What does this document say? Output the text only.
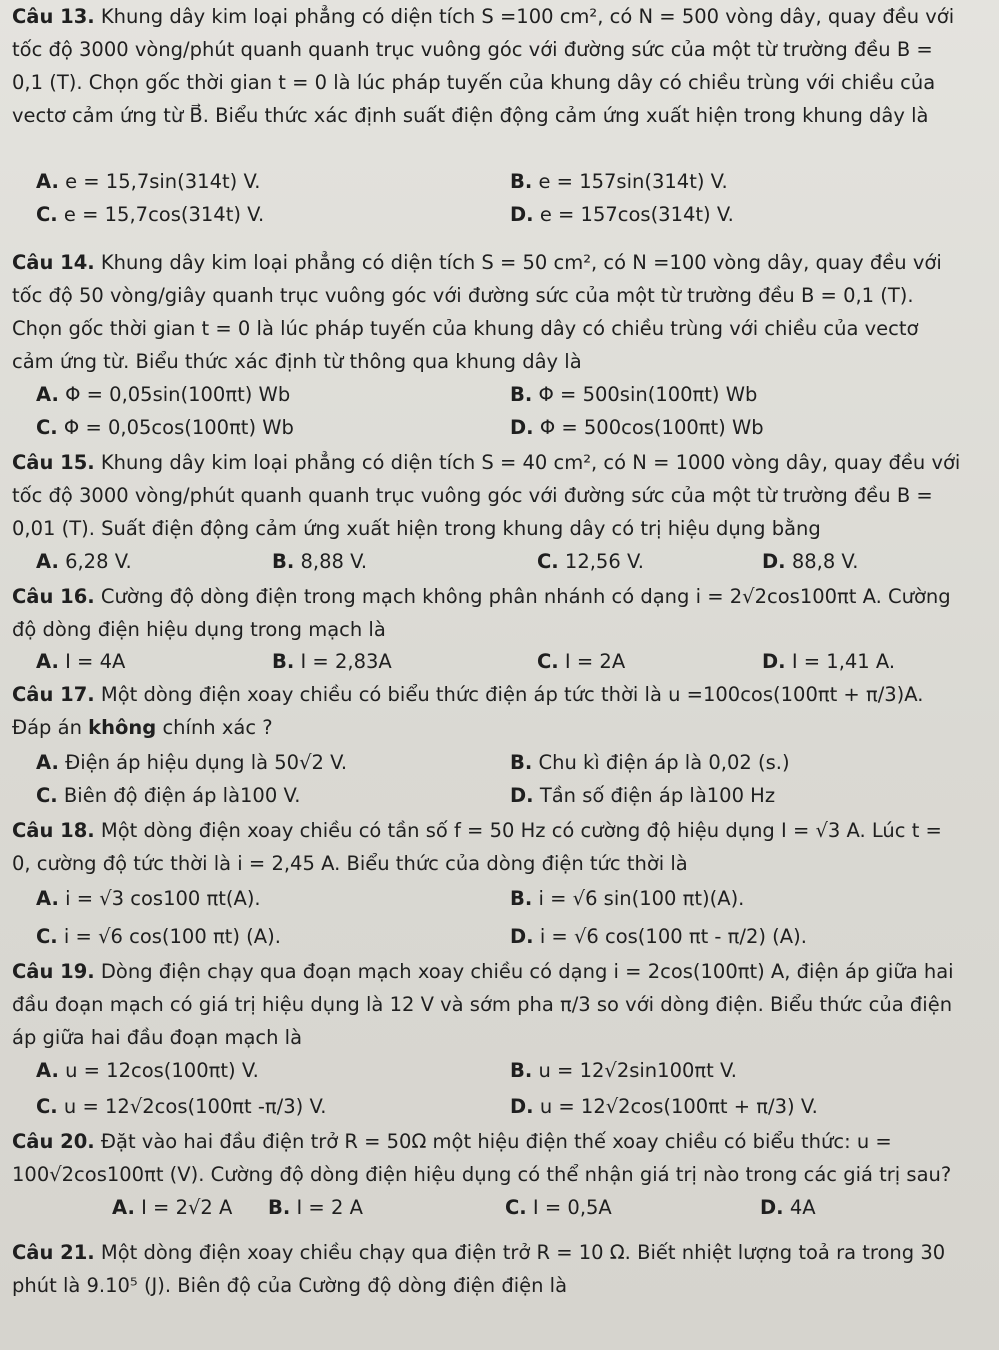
Câu 13. Khung dây kim loại phẳng có diện tích S =100 cm², có N = 500 vòng dây, quay đều với tốc độ 3000 vòng/phút quanh quanh trục vuông góc với đường sức của một từ trường đều B = 0,1 (T). Chọn gốc thời gian t = 0 là lúc pháp tuyến của khung dây có chiều trùng với chiều của vectơ cảm ứng từ B⃗. Biểu thức xác định suất điện động cảm ứng xuất hiện trong khung dây là

A. e = 15,7sin(314t) V.	B. e = 157sin(314t) V.
C. e = 15,7cos(314t) V.	D. e = 157cos(314t) V.

Câu 14. Khung dây kim loại phẳng có diện tích S = 50 cm², có N =100 vòng dây, quay đều với tốc độ 50 vòng/giây quanh trục vuông góc với đường sức của một từ trường đều B = 0,1 (T). Chọn gốc thời gian t = 0 là lúc pháp tuyến của khung dây có chiều trùng với chiều của vectơ cảm ứng từ. Biểu thức xác định từ thông qua khung dây là

A. Φ = 0,05sin(100πt) Wb	B. Φ = 500sin(100πt) Wb
C. Φ = 0,05cos(100πt) Wb	D. Φ = 500cos(100πt) Wb

Câu 15. Khung dây kim loại phẳng có diện tích S = 40 cm², có N = 1000 vòng dây, quay đều với tốc độ 3000 vòng/phút quanh quanh trục vuông góc với đường sức của một từ trường đều B = 0,01 (T). Suất điện động cảm ứng xuất hiện trong khung dây có trị hiệu dụng bằng

A. 6,28 V.	B. 8,88 V.	C. 12,56 V.	D. 88,8 V.

Câu 16. Cường độ dòng điện trong mạch không phân nhánh có dạng i = 2√2cos100πt A. Cường độ dòng điện hiệu dụng trong mạch là

A. I = 4A	B. I = 2,83A	C. I = 2A	D. I = 1,41 A.

Câu 17. Một dòng điện xoay chiều có biểu thức điện áp tức thời là u =100cos(100πt + π/3)A. Đáp án không chính xác ?

A. Điện áp hiệu dụng là 50√2 V.	B. Chu kì điện áp là 0,02 (s.)
C. Biên độ điện áp là100 V.	D. Tần số điện áp là100 Hz

Câu 18. Một dòng điện xoay chiều có tần số f = 50 Hz có cường độ hiệu dụng I = √3 A. Lúc t = 0, cường độ tức thời là i = 2,45 A. Biểu thức của dòng điện tức thời là

A. i = √3 cos100 πt(A).	B. i = √6 sin(100 πt)(A).
C. i = √6 cos(100 πt) (A).	D. i = √6 cos(100 πt - π/2) (A).

Câu 19. Dòng điện chạy qua đoạn mạch xoay chiều có dạng i = 2cos(100πt) A, điện áp giữa hai đầu đoạn mạch có giá trị hiệu dụng là 12 V và sớm pha π/3 so với dòng điện. Biểu thức của điện áp giữa hai đầu đoạn mạch là

A. u = 12cos(100πt) V.	B. u = 12√2sin100πt V.
C. u = 12√2cos(100πt -π/3) V.	D. u = 12√2cos(100πt + π/3) V.

Câu 20. Đặt vào hai đầu điện trở R = 50Ω một hiệu điện thế xoay chiều có biểu thức: u = 100√2cos100πt (V). Cường độ dòng điện hiệu dụng có thể nhận giá trị nào trong các giá trị sau?

A. I = 2√2 A B. I = 2 A	C. I = 0,5A	D. 4A

Câu 21. Một dòng điện xoay chiều chạy qua điện trở R = 10 Ω. Biết nhiệt lượng toả ra trong 30 phút là 9.10⁵ (J). Biên độ của Cường độ dòng điện điện là
